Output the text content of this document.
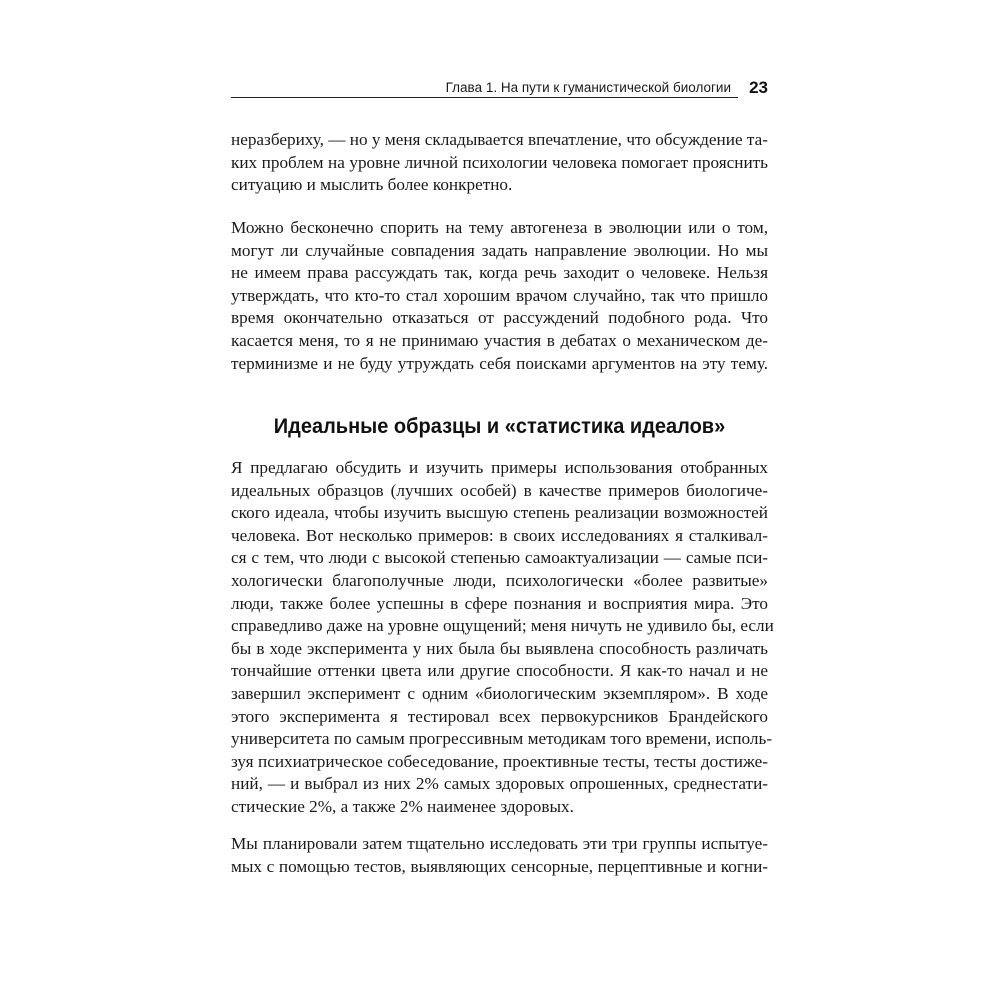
Глава 1. На пути к гуманистической биологии 23
неразбериху, — но у меня складывается впечатление, что обсуждение та-
ких проблем на уровне личной психологии человека помогает прояснить
ситуацию и мыслить более конкретно.
Можно бесконечно спорить на тему автогенеза в эволюции или о том,
могут ли случайные совпадения задать направление эволюции. Но мы
не имеем права рассуждать так, когда речь заходит о человеке. Нельзя
утверждать, что кто-то стал хорошим врачом случайно, так что пришло
время окончательно отказаться от рассуждений подобного рода. Что
касается меня, то я не принимаю участия в дебатах о механическом де-
терминизме и не буду утруждать себя поисками аргументов на эту тему.
Идеальные образцы и «статистика идеалов»
Я предлагаю обсудить и изучить примеры использования отобранных
идеальных образцов (лучших особей) в качестве примеров биологиче-
ского идеала, чтобы изучить высшую степень реализации возможностей
человека. Вот несколько примеров: в своих исследованиях я сталкивал-
ся с тем, что люди с высокой степенью самоактуализации — самые пси-
хологически благополучные люди, психологически «более развитые»
люди, также более успешны в сфере познания и восприятия мира. Это
справедливо даже на уровне ощущений; меня ничуть не удивило бы, если
бы в ходе эксперимента у них была бы выявлена способность различать
тончайшие оттенки цвета или другие способности. Я как-то начал и не
завершил эксперимент с одним «биологическим экземпляром». В ходе
этого эксперимента я тестировал всех первокурсников Брандейского
университета по самым прогрессивным методикам того времени, исполь-
зуя психиатрическое собеседование, проективные тесты, тесты достиже-
ний, — и выбрал из них 2% самых здоровых опрошенных, среднестати-
стические 2%, а также 2% наименее здоровых.
Мы планировали затем тщательно исследовать эти три группы испытуе-
мых с помощью тестов, выявляющих сенсорные, перцептивные и когни-
